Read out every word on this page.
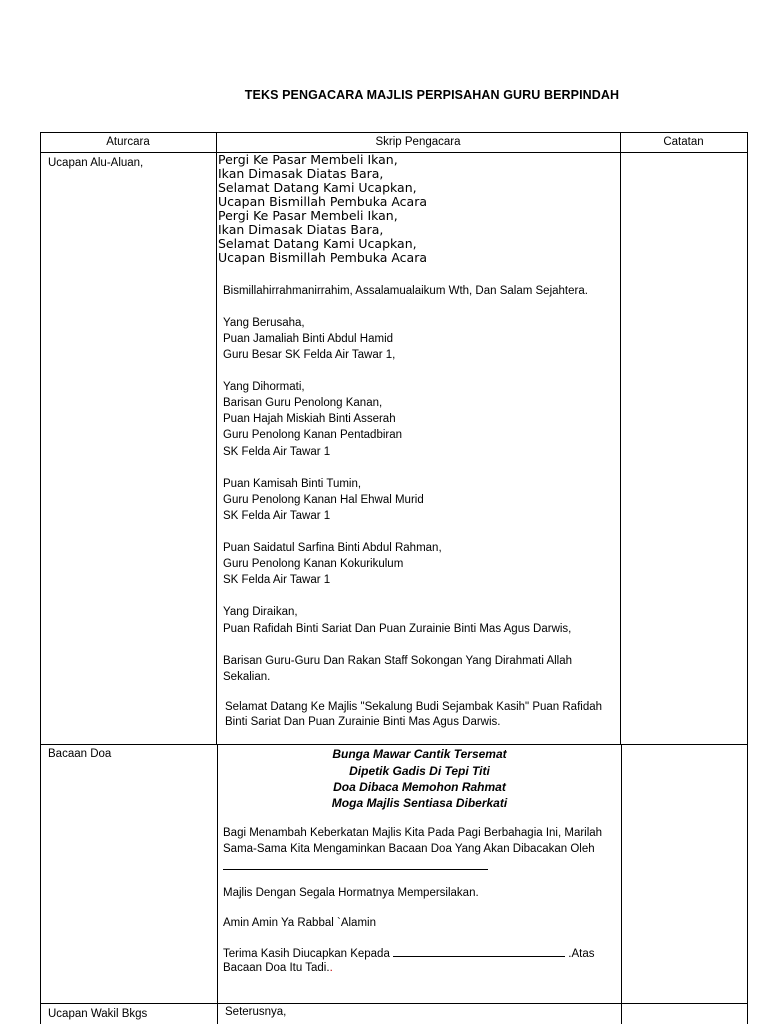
TEKS PENGACARA MAJLIS PERPISAHAN GURU BERPINDAH
Aturcara	Skrip Pengacara	Catatan
Ucapan Alu-Aluan,	Pergi Ke Pasar Membeli Ikan,
Ikan Dimasak Diatas Bara,
Selamat Datang Kami Ucapkan,
Ucapan Bismillah Pembuka Acara
Pergi Ke Pasar Membeli Ikan,
Ikan Dimasak Diatas Bara,
Selamat Datang Kami Ucapkan,
Ucapan Bismillah Pembuka Acara
Bismillahirrahmanirrahim, Assalamualaikum Wth, Dan Salam Sejahtera.
Yang Berusaha,
Puan Jamaliah Binti Abdul Hamid
Guru Besar SK Felda Air Tawar 1,
Yang Dihormati,
Barisan Guru Penolong Kanan,
Puan Hajah Miskiah Binti Asserah
Guru Penolong Kanan Pentadbiran
SK Felda Air Tawar 1
Puan Kamisah Binti Tumin,
Guru Penolong Kanan Hal Ehwal Murid
SK Felda Air Tawar 1
Puan Saidatul Sarfina Binti Abdul Rahman,
Guru Penolong Kanan Kokurikulum
SK Felda Air Tawar 1
Yang Diraikan,
Puan Rafidah Binti Sariat Dan Puan Zurainie Binti Mas Agus Darwis,
Barisan Guru-Guru Dan Rakan Staff Sokongan Yang Dirahmati Allah
Sekalian.
Selamat Datang Ke Majlis "Sekalung Budi Sejambak Kasih" Puan Rafidah
Binti Sariat Dan Puan Zurainie Binti Mas Agus Darwis.
Bacaan Doa	Bunga Mawar Cantik Tersemat
Dipetik Gadis Di Tepi Titi
Doa Dibaca Memohon Rahmat
Moga Majlis Sentiasa Diberkati
Bagi Menambah Keberkatan Majlis Kita Pada Pagi Berbahagia Ini, Marilah
Sama-Sama Kita Mengaminkan Bacaan Doa Yang Akan Dibacakan Oleh
Majlis Dengan Segala Hormatnya Mempersilakan.
Amin Amin Ya Rabbal `Alamin
Terima Kasih Diucapkan Kepada	.Atas
Bacaan Doa Itu Tadi..
Ucapan Wakil Bkgs	Seterusnya,
